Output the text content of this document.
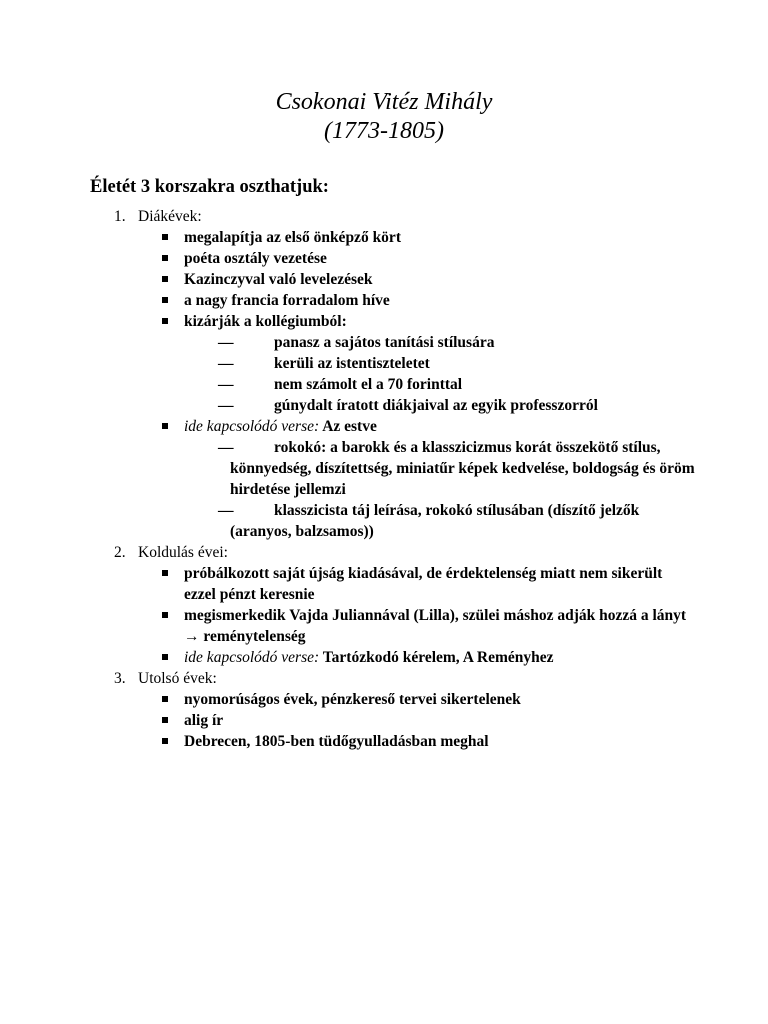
Csokonai Vitéz Mihály
(1773-1805)
Életét 3 korszakra oszthatjuk:
1. Diákévek:
megalapítja az első önképző kört
poéta osztály vezetése
Kazinczyval való levelezések
a nagy francia forradalom híve
kizárják a kollégiumból:
—	panasz a sajátos tanítási stílusára
—	kerüli az istentiszteletet
—	nem számolt el a 70 forinttal
—	gúnydalt íratott diákjaival az egyik professzorról
ide kapcsolódó verse: Az estve
—	rokokó: a barokk és a klasszicizmus korát összekötő stílus, könnyedség, díszítettség, miniatűr képek kedvelése, boldogság és öröm hirdetése jellemzi
—	klasszicista táj leírása, rokokó stílusában (díszítő jelzők (aranyos, balzsamos))
2. Koldulás évei:
próbálkozott saját újság kiadásával, de érdektelenség miatt nem sikerült ezzel pénzt keresnie
megismerkedik Vajda Juliannával (Lilla), szülei máshoz adják hozzá a lányt → reménytelenség
ide kapcsolódó verse: Tartózkodó kérelem, A Reményhez
3. Utolsó évek:
nyomorúságos évek, pénzkereső tervei sikertelenek
alig ír
Debrecen, 1805-ben tüdőgyulladásban meghal
